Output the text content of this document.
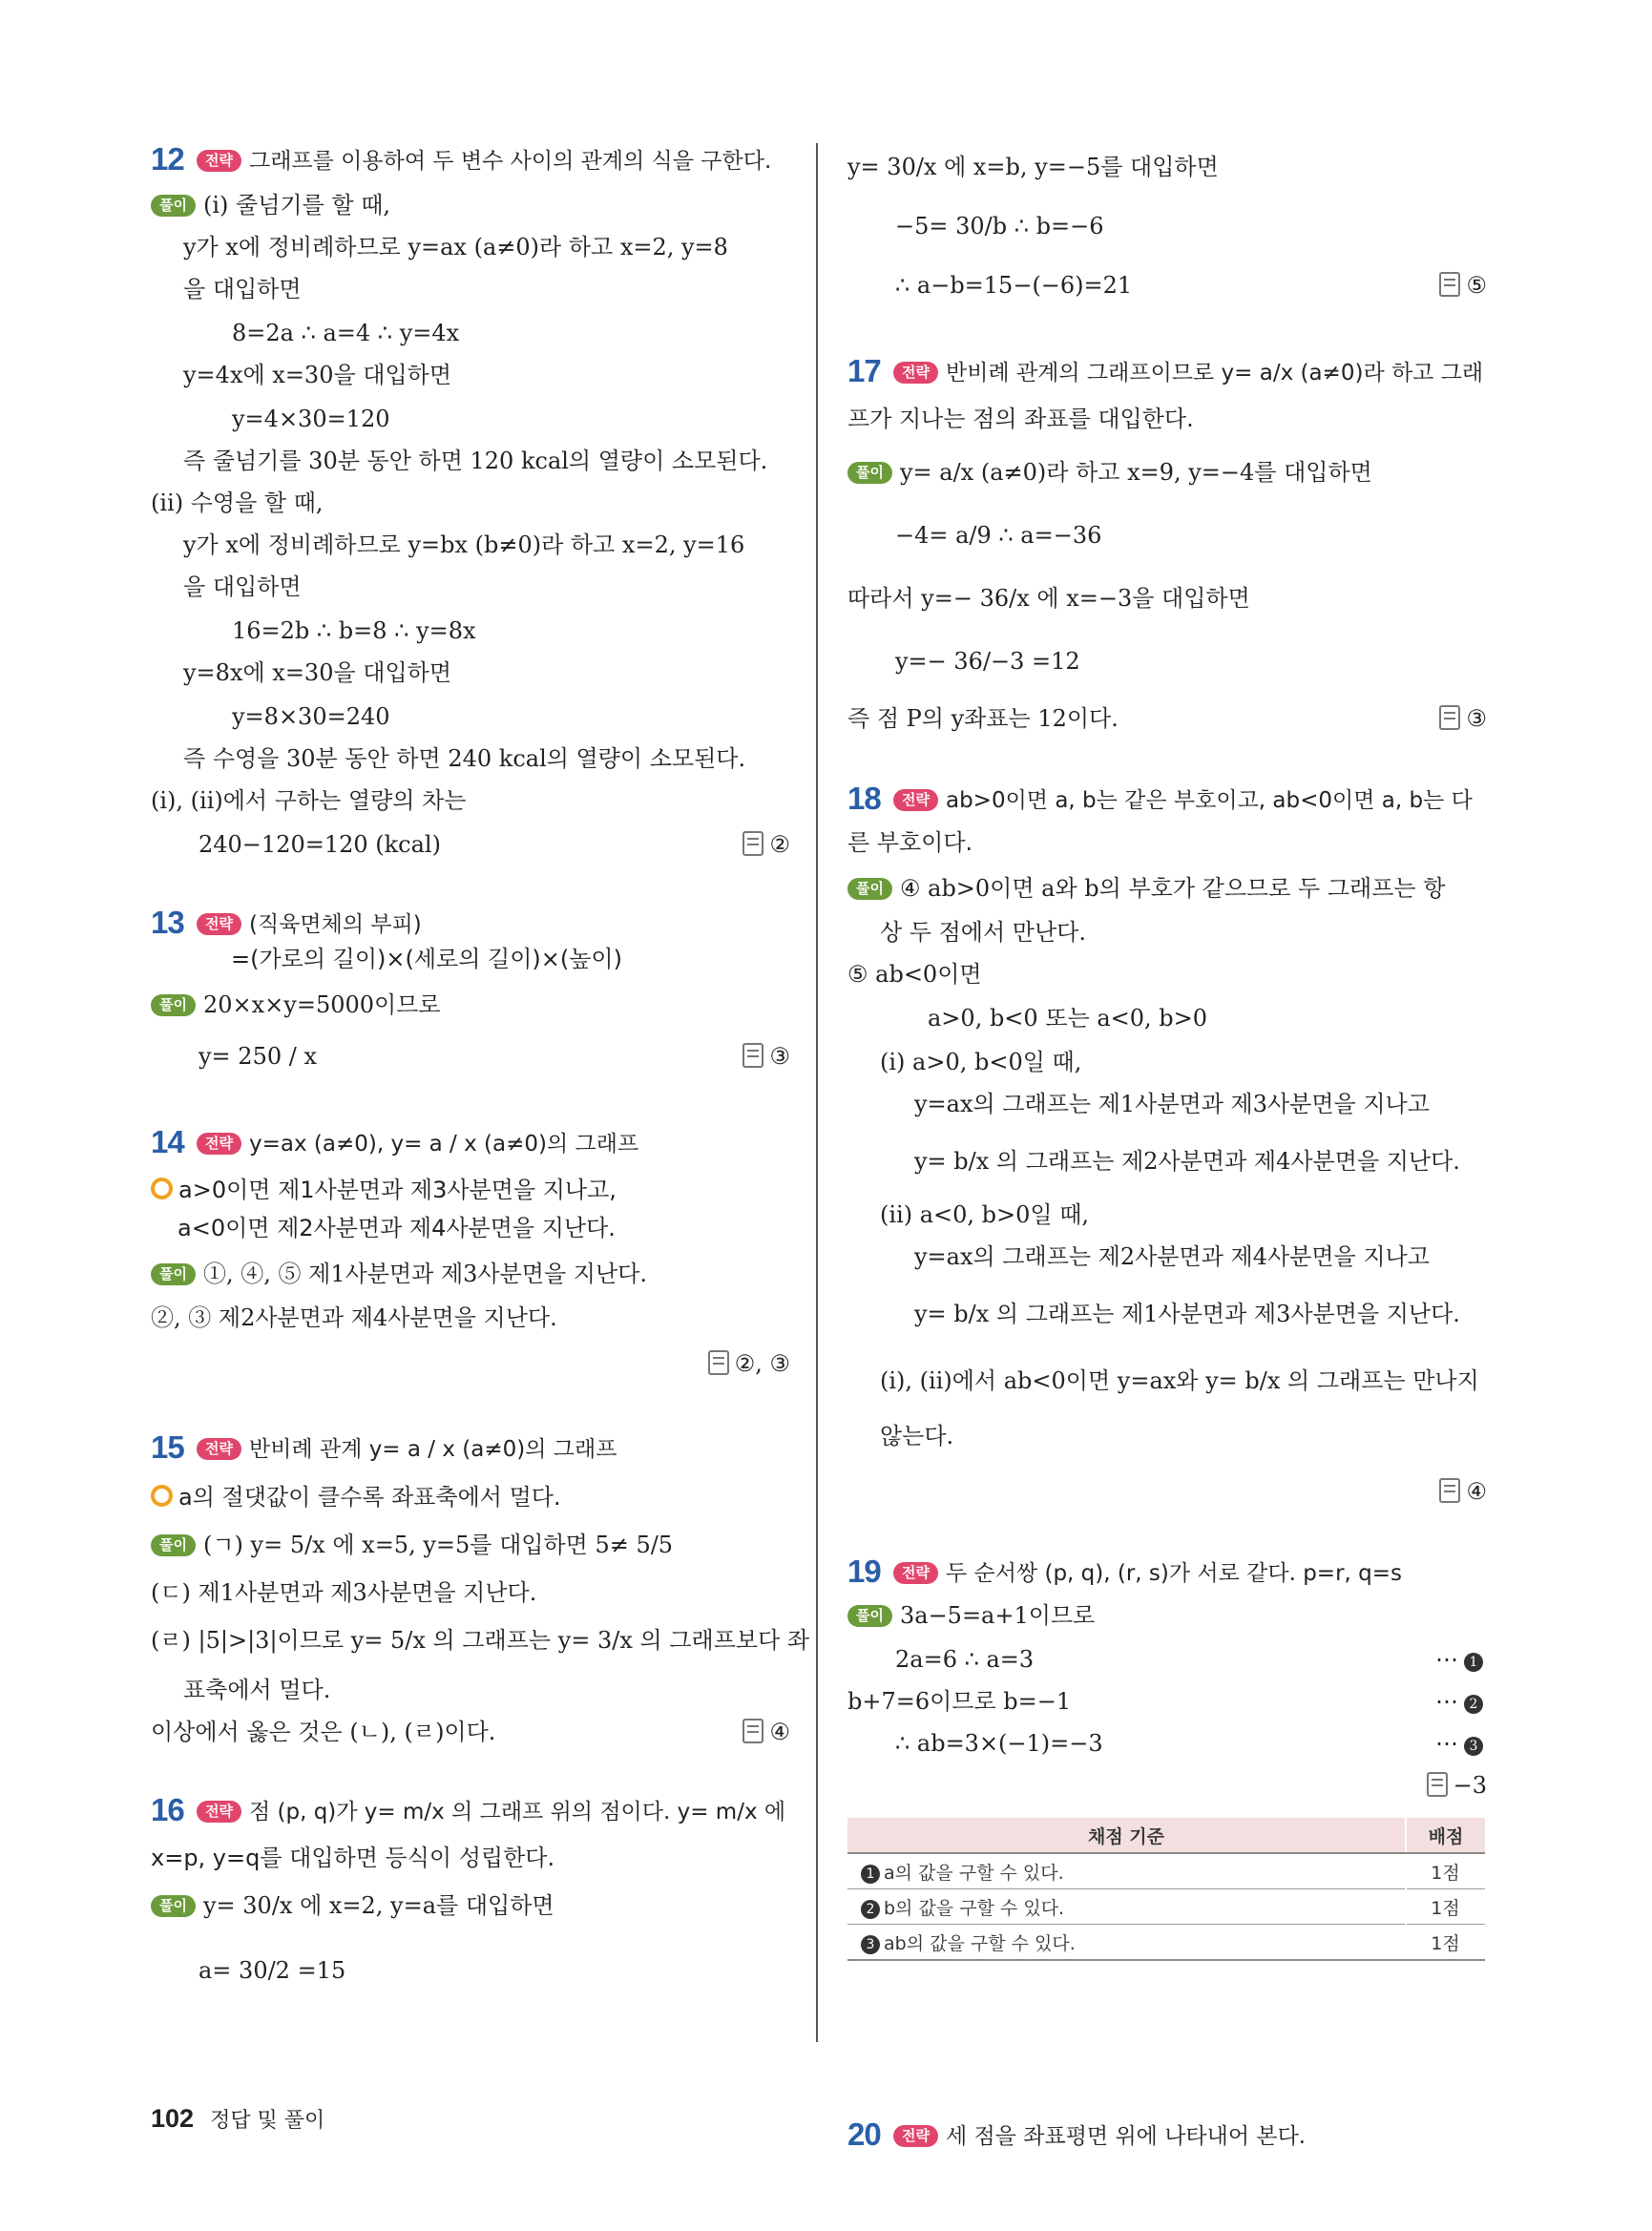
12	전략 그래프를 이용하여 두 변수 사이의 관계의 식을 구한다.
풀이 (ⅰ) 줄넘기를 할 때,
y가 x에 정비례하므로 y=ax (a≠0)라 하고 x=2, y=8
을 대입하면
8=2a ∴ a=4 ∴ y=4x
y=4x에 x=30을 대입하면
y=4×30=120
즉 줄넘기를 30분 동안 하면 120 kcal의 열량이 소모된다.
(ⅱ) 수영을 할 때,
y가 x에 정비례하므로 y=bx (b≠0)라 하고 x=2, y=16
을 대입하면
16=2b ∴ b=8 ∴ y=8x
y=8x에 x=30을 대입하면
y=8×30=240
즉 수영을 30분 동안 하면 240 kcal의 열량이 소모된다.
(ⅰ), (ⅱ)에서 구하는 열량의 차는
240−120=120 (kcal)	②
13	전략 (직육면체의 부피)
=(가로의 길이)×(세로의 길이)×(높이)
풀이 20×x×y=5000이므로
y= 250 / x	③
14	전략 y=ax (a≠0), y= a / x (a≠0)의 그래프
a>0이면 제1사분면과 제3사분면을 지나고,
a<0이면 제2사분면과 제4사분면을 지난다.
풀이 ①, ④, ⑤ 제1사분면과 제3사분면을 지난다.
②, ③ 제2사분면과 제4사분면을 지난다.
②, ③
15	전략 반비례 관계 y= a / x (a≠0)의 그래프
a의 절댓값이 클수록 좌표축에서 멀다.
풀이 (ㄱ) y= 5/x 에 x=5, y=5를 대입하면 5≠ 5/5
(ㄷ) 제1사분면과 제3사분면을 지난다.
(ㄹ) |5|>|3|이므로 y= 5/x 의 그래프는 y= 3/x 의 그래프보다 좌
표축에서 멀다.
이상에서 옳은 것은 (ㄴ), (ㄹ)이다.	④
16	전략 점 (p, q)가 y= m/x 의 그래프 위의 점이다. y= m/x 에
x=p, y=q를 대입하면 등식이 성립한다.
풀이 y= 30/x 에 x=2, y=a를 대입하면
a= 30/2 =15
y= 30/x 에 x=b, y=−5를 대입하면
−5= 30/b ∴ b=−6
∴ a−b=15−(−6)=21	⑤
17	전략 반비례 관계의 그래프이므로 y= a/x (a≠0)라 하고 그래
프가 지나는 점의 좌표를 대입한다.
풀이 y= a/x (a≠0)라 하고 x=9, y=−4를 대입하면
−4= a/9 ∴ a=−36
따라서 y=− 36/x 에 x=−3을 대입하면
y=− 36/−3 =12
즉 점 P의 y좌표는 12이다.	③
18	전략 ab>0이면 a, b는 같은 부호이고, ab<0이면 a, b는 다
른 부호이다.
풀이 ④ ab>0이면 a와 b의 부호가 같으므로 두 그래프는 항
상 두 점에서 만난다.
⑤ ab<0이면
a>0, b<0 또는 a<0, b>0
(ⅰ) a>0, b<0일 때,
y=ax의 그래프는 제1사분면과 제3사분면을 지나고
y= b/x 의 그래프는 제2사분면과 제4사분면을 지난다.
(ⅱ) a<0, b>0일 때,
y=ax의 그래프는 제2사분면과 제4사분면을 지나고
y= b/x 의 그래프는 제1사분면과 제3사분면을 지난다.
(ⅰ), (ⅱ)에서 ab<0이면 y=ax와 y= b/x 의 그래프는 만나지
않는다.
④
19	전략 두 순서쌍 (p, q), (r, s)가 서로 같다. p=r, q=s
풀이 3a−5=a+1이므로
2a=6 ∴ a=3	⋯ 1
b+7=6이므로 b=−1	⋯ 2
∴ ab=3×(−1)=−3	⋯ 3
−3
20	전략 세 점을 좌표평면 위에 나타내어 본다.
채점 기준	배점
1 a의 값을 구할 수 있다.	1점
2 b의 값을 구할 수 있다.	1점
3 ab의 값을 구할 수 있다.	1점
102 정답 및 풀이
